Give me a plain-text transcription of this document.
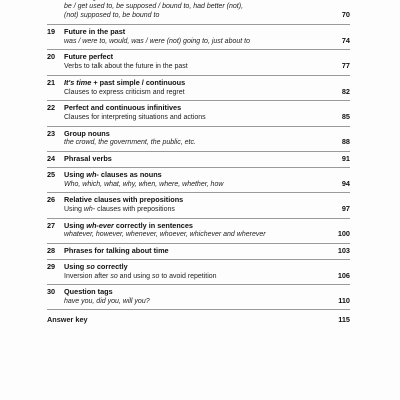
be / get used to, be supposed / bound to, had better (not),
(not) supposed to, be bound to	70
19	Future in the past
was / were to, would, was / were (not) going to, just about to	74
20	Future perfect
Verbs to talk about the future in the past	77
21	It's time + past simple / continuous
Clauses to express criticism and regret	82
22	Perfect and continuous infinitives
Clauses for interpreting situations and actions	85
23	Group nouns
the crowd, the government, the public, etc.	88
24	Phrasal verbs	91
25	Using wh- clauses as nouns
Who, which, what, why, when, where, whether, how	94
26	Relative clauses with prepositions
Using wh- clauses with prepositions	97
27	Using wh-ever correctly in sentences
whatever, however, whenever, whoever, whichever and wherever	100
28	Phrases for talking about time	103
29	Using so correctly
Inversion after so and using so to avoid repetition	106
30	Question tags
have you, did you, will you?	110
Answer key	115
